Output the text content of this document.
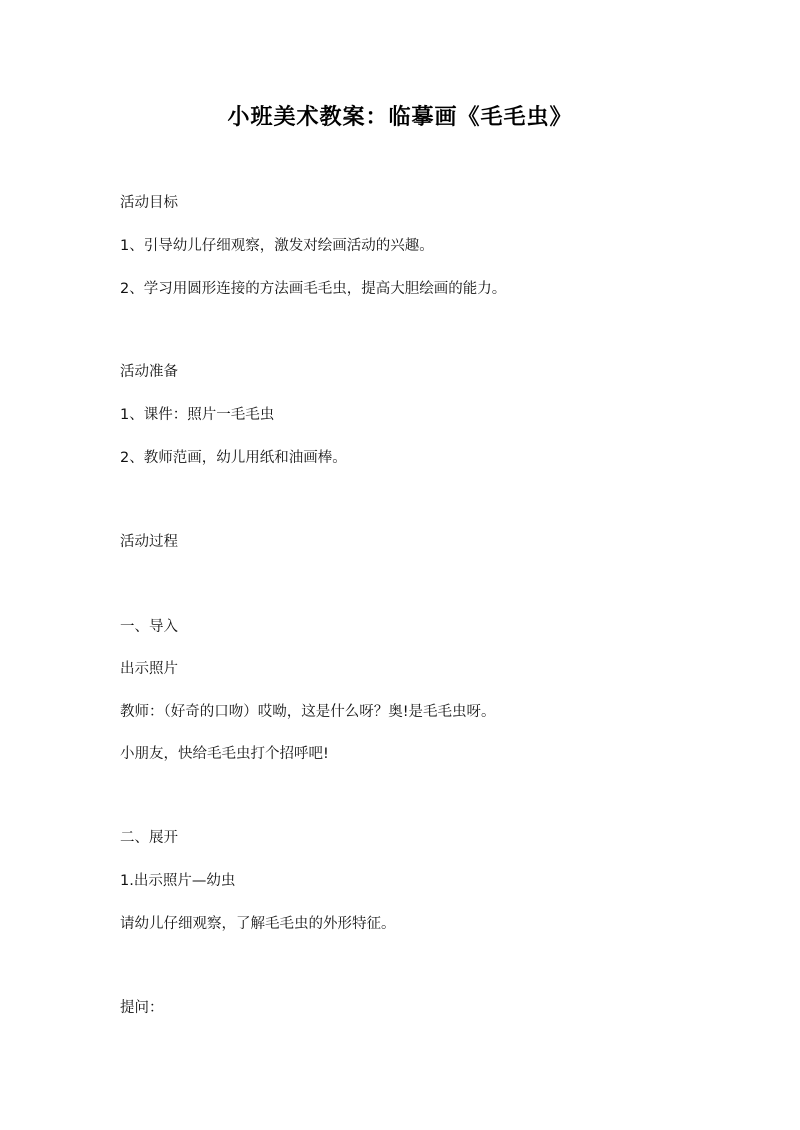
小班美术教案：临摹画《毛毛虫》
活动目标
1、引导幼儿仔细观察，激发对绘画活动的兴趣。
2、学习用圆形连接的方法画毛毛虫，提高大胆绘画的能力。
活动准备
1、课件：照片一毛毛虫
2、教师范画，幼儿用纸和油画棒。
活动过程
一、导入
出示照片
教师：（好奇的口吻）哎呦，这是什么呀？奥!是毛毛虫呀。
小朋友，快给毛毛虫打个招呼吧!
二、展开
1.出示照片—幼虫
请幼儿仔细观察，了解毛毛虫的外形特征。
提问：
